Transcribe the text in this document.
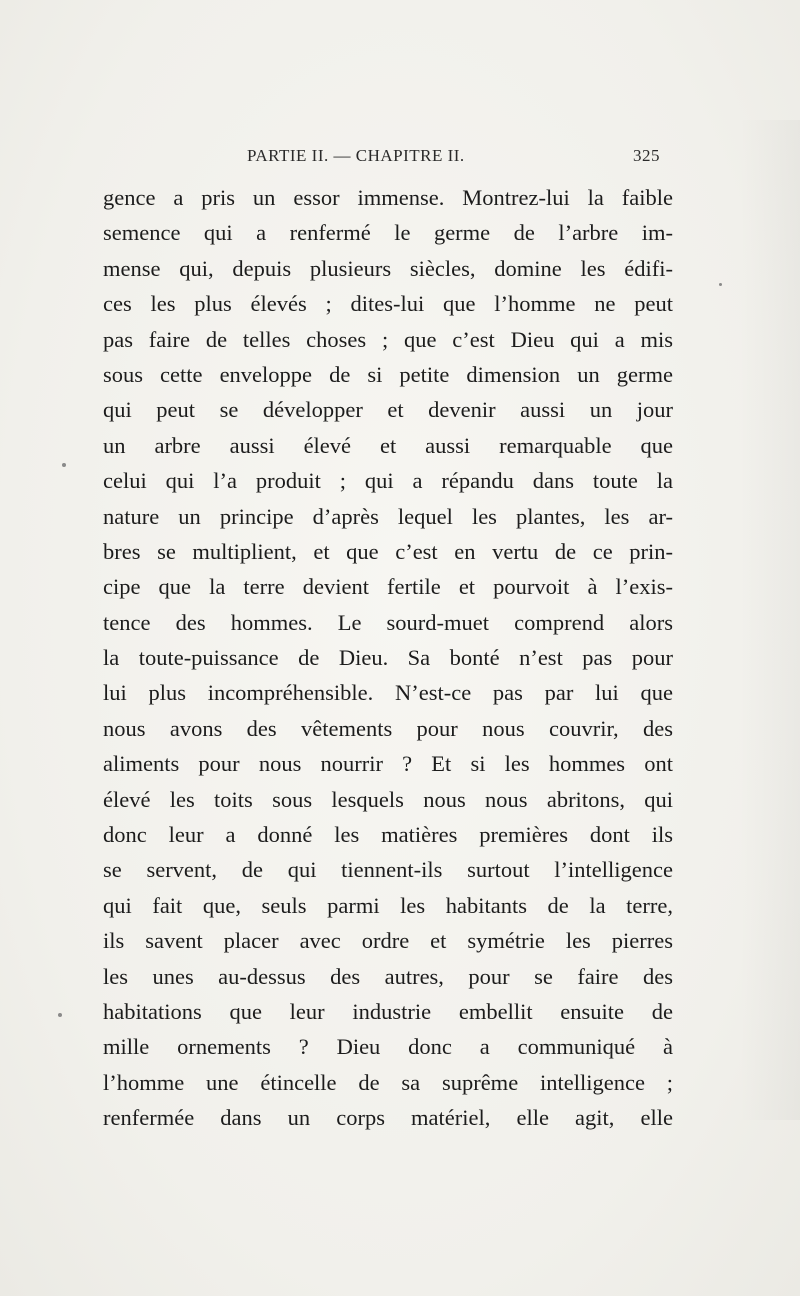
PARTIE II. — CHAPITRE II.	325
gence a pris un essor immense. Montrez-lui la faible
semence qui a renfermé le germe de l’arbre im-
mense qui, depuis plusieurs siècles, domine les édifi-
ces les plus élevés ; dites-lui que l’homme ne peut
pas faire de telles choses ; que c’est Dieu qui a mis
sous cette enveloppe de si petite dimension un germe
qui peut se développer et devenir aussi un jour
un arbre aussi élevé et aussi remarquable que
celui qui l’a produit ; qui a répandu dans toute la
nature un principe d’après lequel les plantes, les ar-
bres se multiplient, et que c’est en vertu de ce prin-
cipe que la terre devient fertile et pourvoit à l’exis-
tence des hommes. Le sourd-muet comprend alors
la toute-puissance de Dieu. Sa bonté n’est pas pour
lui plus incompréhensible. N’est-ce pas par lui que
nous avons des vêtements pour nous couvrir, des
aliments pour nous nourrir ? Et si les hommes ont
élevé les toits sous lesquels nous nous abritons, qui
donc leur a donné les matières premières dont ils
se servent, de qui tiennent-ils surtout l’intelligence
qui fait que, seuls parmi les habitants de la terre,
ils savent placer avec ordre et symétrie les pierres
les unes au-dessus des autres, pour se faire des
habitations que leur industrie embellit ensuite de
mille ornements ? Dieu donc a communiqué à
l’homme une étincelle de sa suprême intelligence ;
renfermée dans un corps matériel, elle agit, elle
